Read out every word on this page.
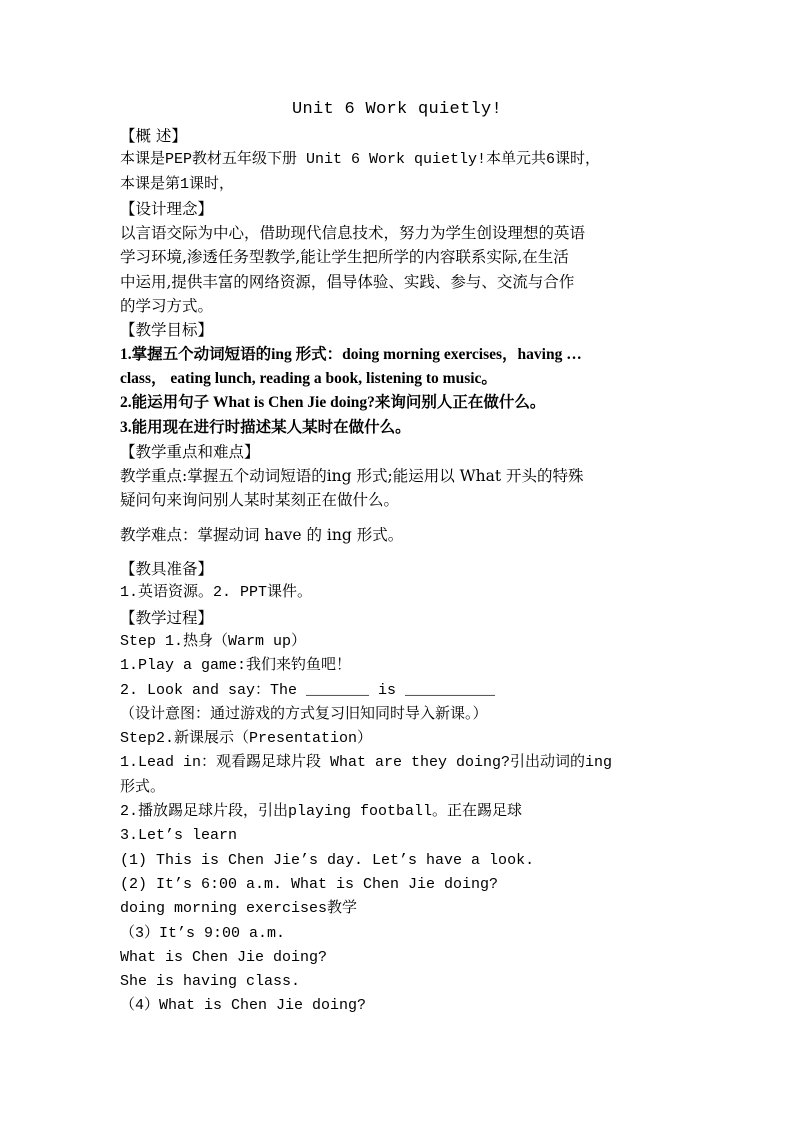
Unit 6 Work quietly!
【概 述】
本课是PEP教材五年级下册 Unit 6 Work quietly!本单元共6课时，
本课是第1课时，
【设计理念】
以言语交际为中心，借助现代信息技术，努力为学生创设理想的英语
学习环境,渗透任务型教学,能让学生把所学的内容联系实际,在生活
中运用,提供丰富的网络资源，倡导体验、实践、参与、交流与合作
的学习方式。
【教学目标】
1.掌握五个动词短语的ing 形式：doing morning exercises，having …
class， eating lunch, reading a book, listening to music。
2.能运用句子 What is Chen Jie doing?来询问别人正在做什么。
3.能用现在进行时描述某人某时在做什么。
【教学重点和难点】
教学重点:掌握五个动词短语的ing 形式;能运用以 What 开头的特殊
疑问句来询问别人某时某刻正在做什么。
教学难点：掌握动词 have 的 ing 形式。
【教具准备】
1.英语资源。2. PPT课件。
【教学过程】
Step 1.热身（Warm up）
1.Play a game:我们来钓鱼吧！
2. Look and say：The _______ is __________
（设计意图：通过游戏的方式复习旧知同时导入新课。）
Step2.新课展示（Presentation）
1.Lead in：观看踢足球片段 What are they doing?引出动词的ing
形式。
2.播放踢足球片段，引出playing football。正在踢足球
3.Let’s learn
(1) This is Chen Jie’s day. Let’s have a look.
(2) It’s 6:00 a.m. What is Chen Jie doing?
doing morning exercises教学
（3）It’s 9:00 a.m.
What is Chen Jie doing?
She is having class.
（4）What is Chen Jie doing?
